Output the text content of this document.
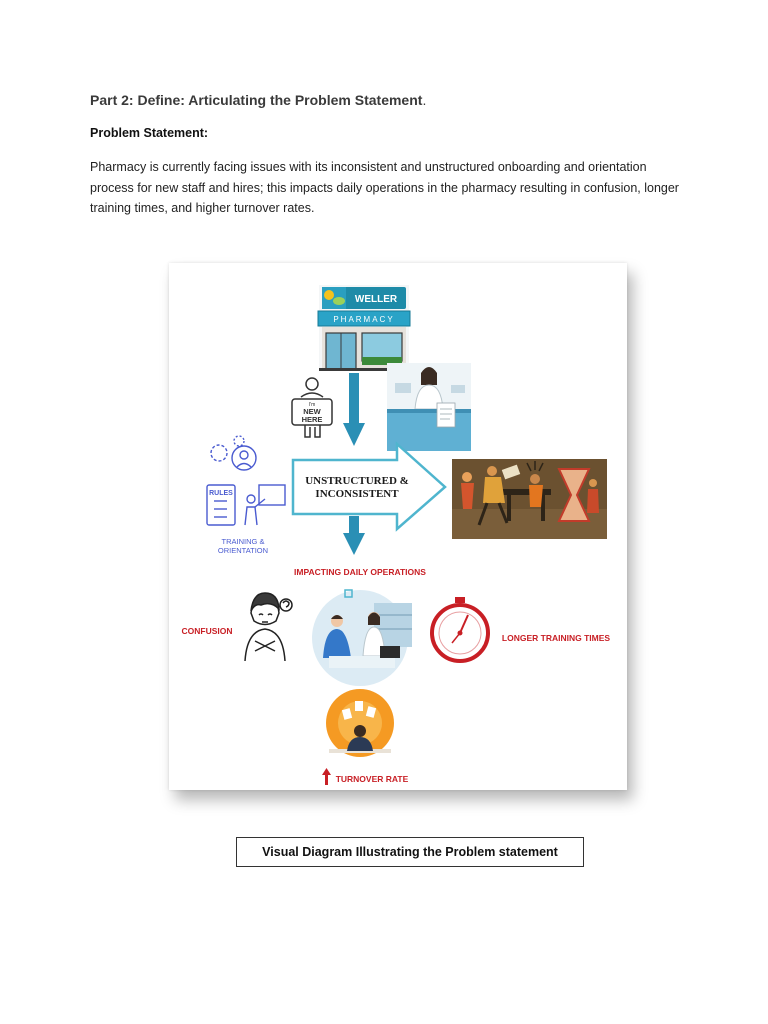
Part 2: Define: Articulating the Problem Statement.
Problem Statement:

Pharmacy is currently facing issues with its inconsistent and unstructured onboarding and orientation process for new staff and hires; this impacts daily operations in the pharmacy resulting in confusion, longer training times, and higher turnover rates.

WELLER
PHARMACY
I'm
NEW
HERE
RULES
TRAINING &
ORIENTATION
UNSTRUCTURED &
INCONSISTENT
IMPACTING DAILY OPERATIONS
CONFUSION
LONGER TRAINING TIMES
TURNOVER RATE
Visual Diagram Illustrating the Problem statement
